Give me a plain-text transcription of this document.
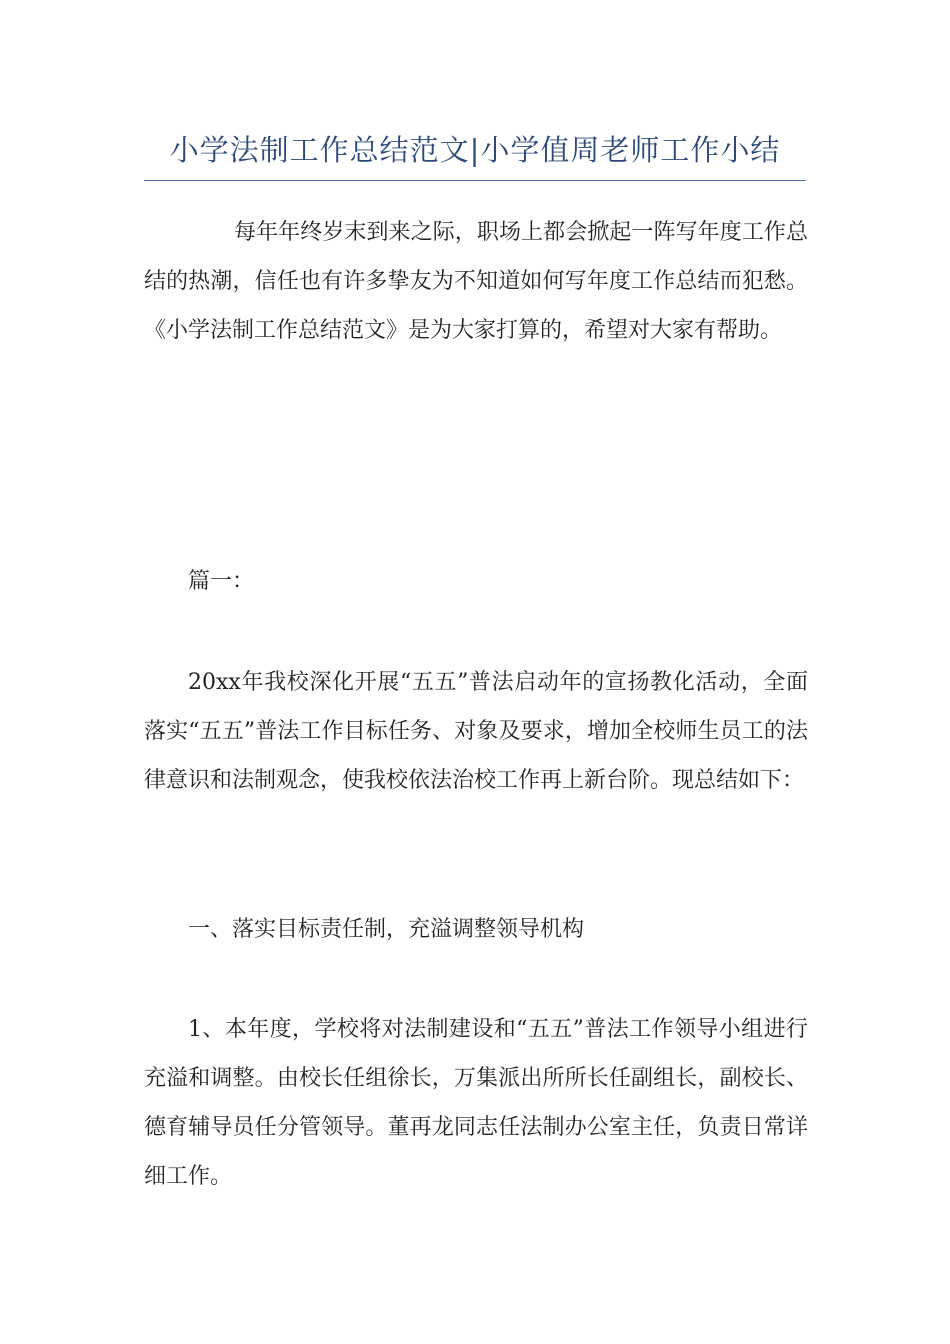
小学法制工作总结范文|小学值周老师工作小结

每年年终岁末到来之际，职场上都会掀起一阵写年度工作总结的热潮，信任也有许多挚友为不知道如何写年度工作总结而犯愁。《小学法制工作总结范文》是为大家打算的，希望对大家有帮助。

篇一：

20xx年我校深化开展“五五”普法启动年的宣扬教化活动，全面落实“五五”普法工作目标任务、对象及要求，增加全校师生员工的法律意识和法制观念，使我校依法治校工作再上新台阶。现总结如下：

一、落实目标责任制，充溢调整领导机构

1、本年度，学校将对法制建设和“五五”普法工作领导小组进行充溢和调整。由校长任组徐长，万集派出所所长任副组长，副校长、德育辅导员任分管领导。董再龙同志任法制办公室主任，负责日常详细工作。
